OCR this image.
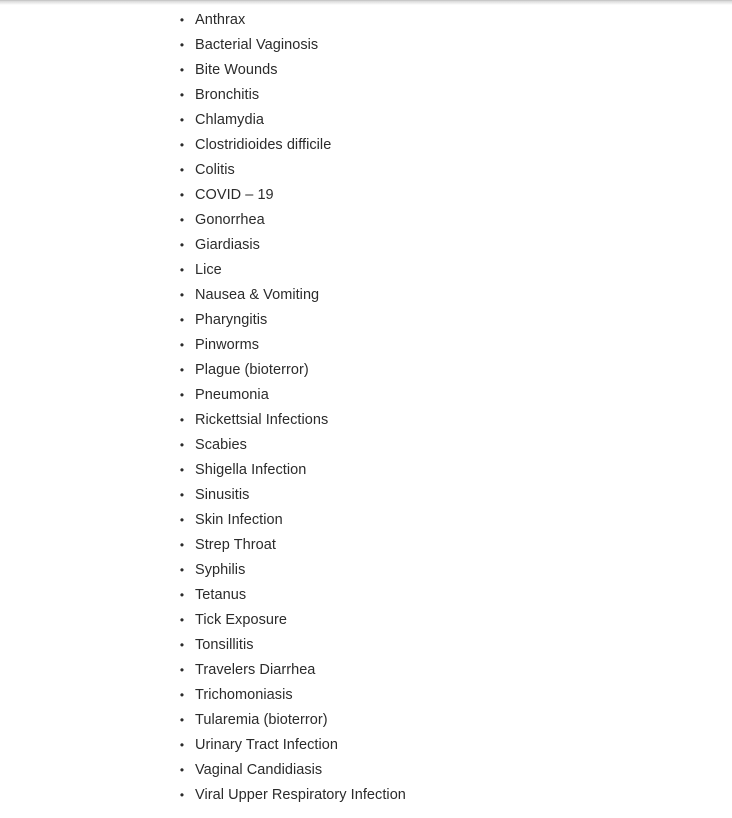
• Anthrax
• Bacterial Vaginosis
• Bite Wounds
• Bronchitis
• Chlamydia
• Clostridioides difficile
• Colitis
• COVID – 19
• Gonorrhea
• Giardiasis
• Lice
• Nausea & Vomiting
• Pharyngitis
• Pinworms
• Plague (bioterror)
• Pneumonia
• Rickettsial Infections
• Scabies
• Shigella Infection
• Sinusitis
• Skin Infection
• Strep Throat
• Syphilis
• Tetanus
• Tick Exposure
• Tonsillitis
• Travelers Diarrhea
• Trichomoniasis
• Tularemia (bioterror)
• Urinary Tract Infection
• Vaginal Candidiasis
• Viral Upper Respiratory Infection
